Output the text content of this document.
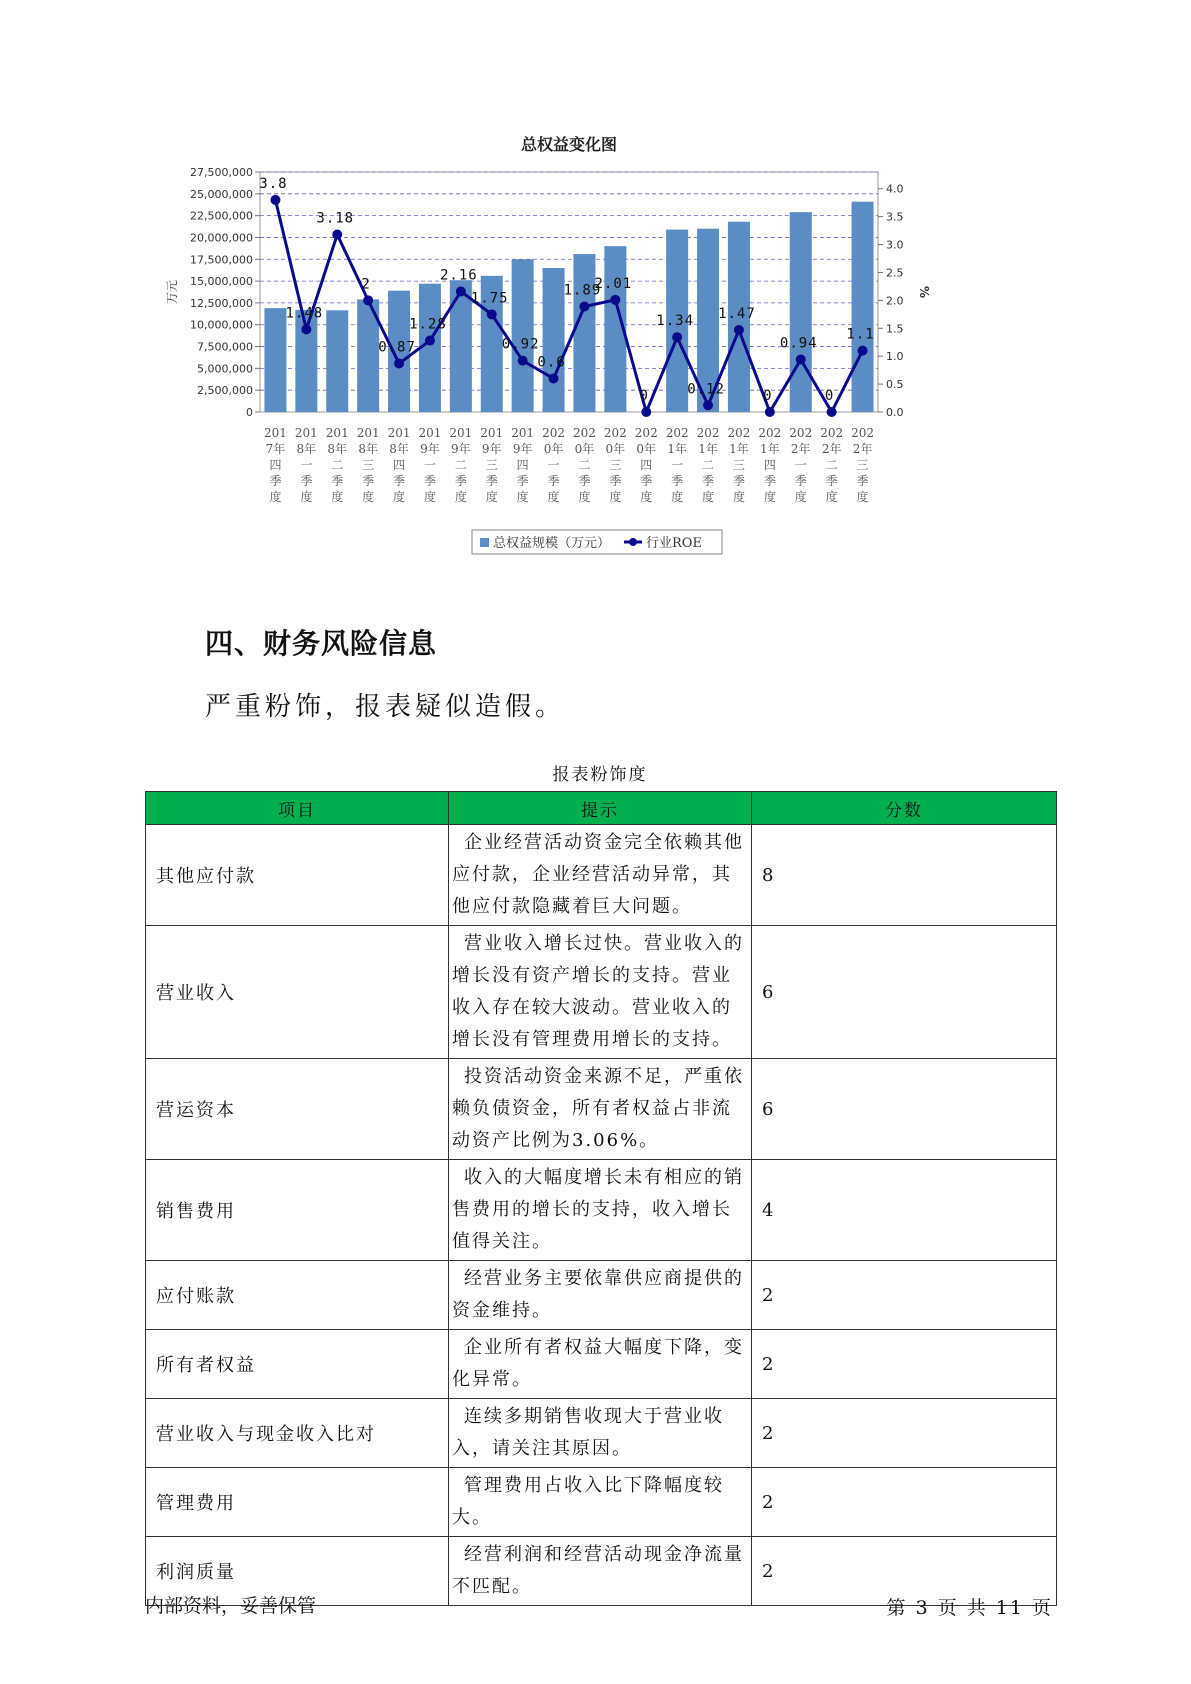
总权益变化图
0
2,500,000
5,000,000
7,500,000
10,000,000
12,500,000
15,000,000
17,500,000
20,000,000
22,500,000
25,000,000
27,500,000
0.0
0.5
1.0
1.5
2.0
2.5
3.0
3.5
4.0
万元	%
3.8
1.48
3.18
2
0.87
1.28
2.16
1.75
0.92
0.6
1.89
2.01
0
1.34
0.12
1.47
0
0.94
0
1.1
201
7年
四
季
度
201
8年
一
季
度
201
8年
二
季
度
201
8年
三
季
度
201
8年
四
季
度
201
9年
一
季
度
201
9年
二
季
度
201
9年
三
季
度
201
9年
四
季
度
202
0年
一
季
度
202
0年
二
季
度
202
0年
三
季
度
202
0年
四
季
度
202
1年
一
季
度
202
1年
二
季
度
202
1年
三
季
度
202
1年
四
季
度
202
2年
一
季
度
202
2年
二
季
度
202
2年
三
季
度
总权益规模（万元）	行业ROE
四、财务风险信息

严重粉饰，报表疑似造假。

报表粉饰度
项目	提示	分数
其他应付款	企业经营活动资金完全依赖其他应付款，企业经营活动异常，其他应付款隐藏着巨大问题。	8
营业收入	营业收入增长过快。营业收入的增长没有资产增长的支持。营业收入存在较大波动。营业收入的增长没有管理费用增长的支持。	6
营运资本	投资活动资金来源不足，严重依赖负债资金，所有者权益占非流动资产比例为3.06%。	6
销售费用	收入的大幅度增长未有相应的销售费用的增长的支持，收入增长值得关注。	4
应付账款	经营业务主要依靠供应商提供的资金维持。	2
所有者权益	企业所有者权益大幅度下降，变化异常。	2
营业收入与现金收入比对	连续多期销售收现大于营业收入，请关注其原因。	2
管理费用	管理费用占收入比下降幅度较大。	2
利润质量	经营利润和经营活动现金净流量不匹配。	2
内部资料，妥善保管	第 3 页 共 11 页
